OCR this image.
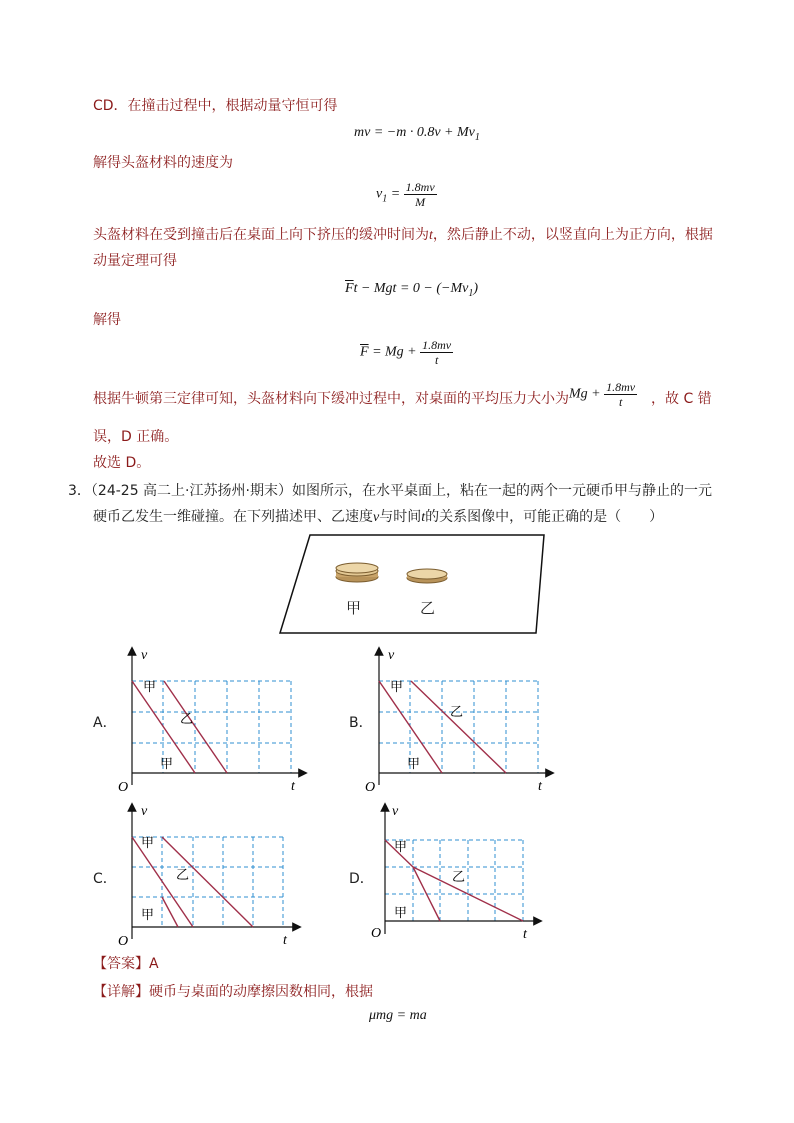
CD．在撞击过程中，根据动量守恒可得
mv = $-m \cdot 0.8v + Mv_1$
解得头盔材料的速度为
$v_1 = \frac{1.8mv}{M}$
头盔材料在受到撞击后在桌面上向下挤压的缓冲时间为t，然后静止不动，以竖直向上为正方向，根据
动量定理可得
$\overline{F}t$ − Mgt = $0 - (-Mv_1)$
解得
$\overline{F} = Mg + \frac{1.8mv}{t}$
根据牛顿第三定律可知，头盔材料向下缓冲过程中，对桌面的平均压力大小为 $Mg + \frac{1.8mv}{t}$ ，故 C 错
误，D 正确。
故选 D。
3．（24-25 高二上·江苏扬州·期末）如图所示，在水平桌面上，粘在一起的两个一元硬币甲与静止的一元
硬币乙发生一维碰撞。在下列描述甲、乙速度v与时间t的关系图像中，可能正确的是（　　）
甲	乙
A．
v
t
O
甲
乙
甲
B．
v
t
O
甲
乙
甲
C．
v
t
O
甲
乙
甲
D．
v
t
O
甲
乙
甲
【答案】A
【详解】硬币与桌面的动摩擦因数相同，根据
μmg = ma
